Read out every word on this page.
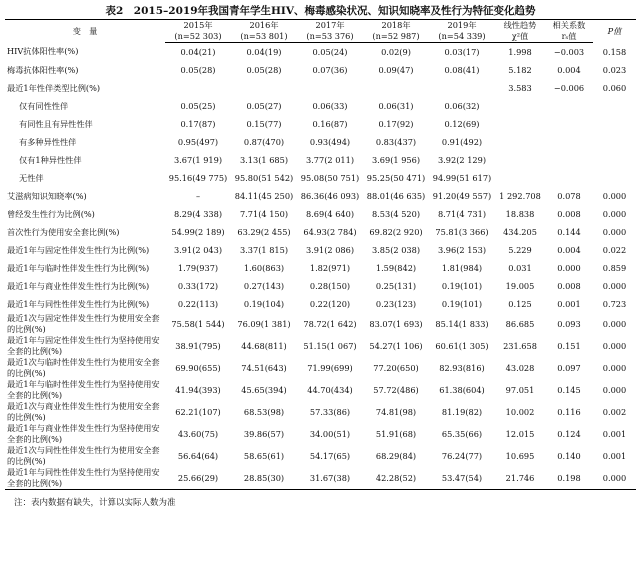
表2　2015–2019年我国青年学生HIV、梅毒感染状况、知识知晓率及性行为特征变化趋势
变　量	2015年	2016年	2017年	2018年	2019年	线性趋势	相关系数	P值
	(n=52 303)	(n=53 801)	(n=53 376)	(n=52 987)	(n=54 339)	χ²值	rₛ值	
HIV抗体阳性率(%)	0.04(21)	0.04(19)	0.05(24)	0.02(9)	0.03(17)	1.998	−0.003	0.158
梅毒抗体阳性率(%)	0.05(28)	0.05(28)	0.07(36)	0.09(47)	0.08(41)	5.182	0.004	0.023
最近1年性伴类型比例(%)						3.583	−0.006	0.060
仅有同性性伴	0.05(25)	0.05(27)	0.06(33)	0.06(31)	0.06(32)			
有同性且有异性性伴	0.17(87)	0.15(77)	0.16(87)	0.17(92)	0.12(69)			
有多种异性性伴	0.95(497)	0.87(470)	0.93(494)	0.83(437)	0.91(492)			
仅有1种异性性伴	3.67(1 919)	3.13(1 685)	3.77(2 011)	3.69(1 956)	3.92(2 129)			
无性伴	95.16(49 775)	95.80(51 542)	95.08(50 751)	95.25(50 471)	94.99(51 617)			
艾滋病知识知晓率(%)	–	84.11(45 250)	86.36(46 093)	88.01(46 635)	91.20(49 557)	1 292.708	0.078	0.000
曾经发生性行为比例(%)	8.29(4 338)	7.71(4 150)	8.69(4 640)	8.53(4 520)	8.71(4 731)	18.838	0.008	0.000
首次性行为使用安全套比例(%)	54.99(2 189)	63.29(2 455)	64.93(2 784)	69.82(2 920)	75.81(3 366)	434.205	0.144	0.000
最近1年与固定性伴发生性行为比例(%)	3.91(2 043)	3.37(1 815)	3.91(2 086)	3.85(2 038)	3.96(2 153)	5.229	0.004	0.022
最近1年与临时性伴发生性行为比例(%)	1.79(937)	1.60(863)	1.82(971)	1.59(842)	1.81(984)	0.031	0.000	0.859
最近1年与商业性伴发生性行为比例(%)	0.33(172)	0.27(143)	0.28(150)	0.25(131)	0.19(101)	19.005	0.008	0.000
最近1年与同性性伴发生性行为比例(%)	0.22(113)	0.19(104)	0.22(120)	0.23(123)	0.19(101)	0.125	0.001	0.723
最近1次与固定性伴发生性行为使用安全套的比例(%)	75.58(1 544)	76.09(1 381)	78.72(1 642)	83.07(1 693)	85.14(1 833)	86.685	0.093	0.000
最近1年与固定性伴发生性行为坚持使用安全套的比例(%)	38.91(795)	44.68(811)	51.15(1 067)	54.27(1 106)	60.61(1 305)	231.658	0.151	0.000
最近1次与临时性伴发生性行为使用安全套的比例(%)	69.90(655)	74.51(643)	71.99(699)	77.20(650)	82.93(816)	43.028	0.097	0.000
最近1年与临时性伴发生性行为坚持使用安全套的比例(%)	41.94(393)	45.65(394)	44.70(434)	57.72(486)	61.38(604)	97.051	0.145	0.000
最近1次与商业性伴发生性行为使用安全套的比例(%)	62.21(107)	68.53(98)	57.33(86)	74.81(98)	81.19(82)	10.002	0.116	0.002
最近1年与商业性伴发生性行为坚持使用安全套的比例(%)	43.60(75)	39.86(57)	34.00(51)	51.91(68)	65.35(66)	12.015	0.124	0.001
最近1次与同性性伴发生性行为使用安全套的比例(%)	56.64(64)	58.65(61)	54.17(65)	68.29(84)	76.24(77)	10.695	0.140	0.001
最近1年与同性性伴发生性行为坚持使用安全套的比例(%)	25.66(29)	28.85(30)	31.67(38)	42.28(52)	53.47(54)	21.746	0.198	0.000
注：表内数据有缺失，计算以实际人数为准
